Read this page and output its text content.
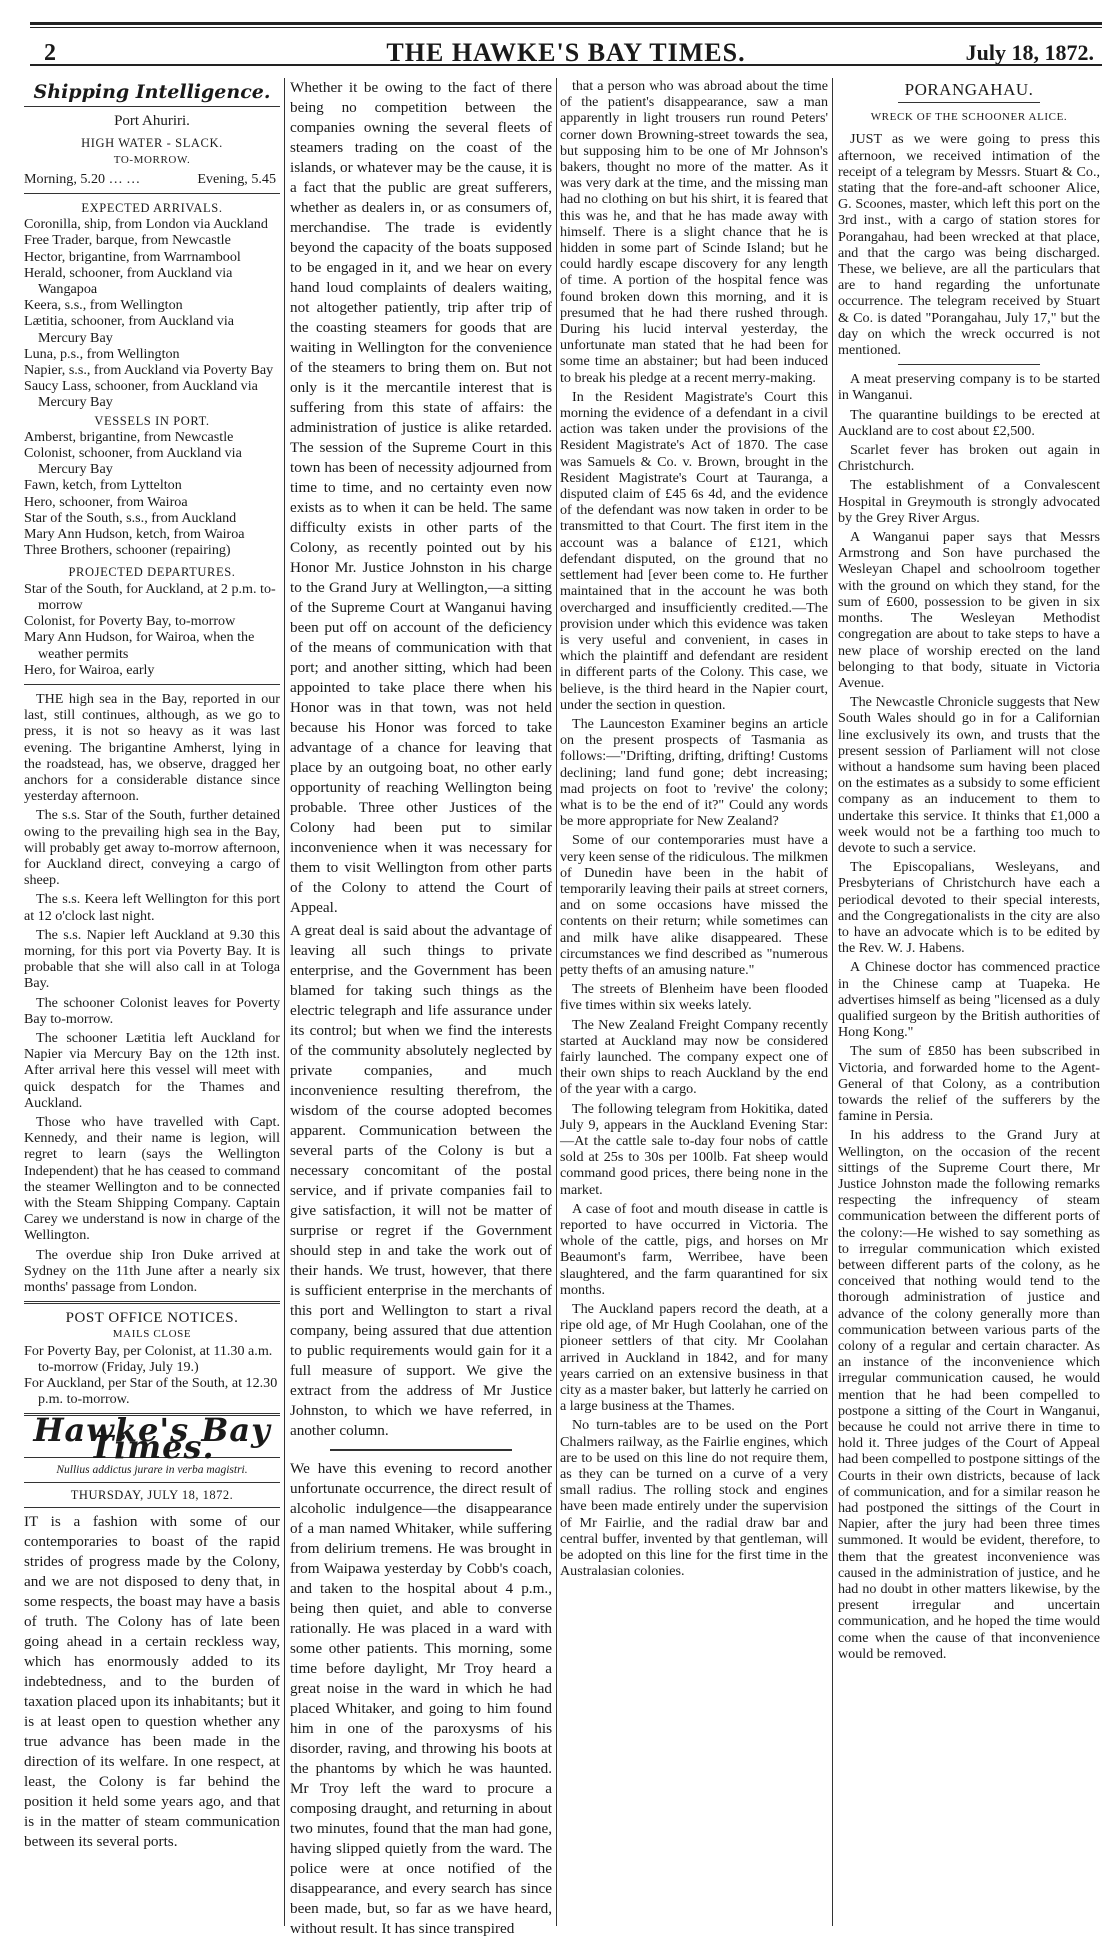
2	THE HAWKE'S BAY TIMES.	July 18, 1872.
Shipping Intelligence.
Port Ahuriri.
HIGH WATER - SLACK.
TO-MORROW.
Morning, 5.20 … …	Evening, 5.45
EXPECTED ARRIVALS.
Coronilla, ship, from London via Auckland
Free Trader, barque, from Newcastle
Hector, brigantine, from Warrnambool
Herald, schooner, from Auckland via Wangapoa
Keera, s.s., from Wellington
Lætitia, schooner, from Auckland via Mercury Bay
Luna, p.s., from Wellington
Napier, s.s., from Auckland via Poverty Bay
Saucy Lass, schooner, from Auckland via Mercury Bay
VESSELS IN PORT.
Amberst, brigantine, from Newcastle
Colonist, schooner, from Auckland via Mercury Bay
Fawn, ketch, from Lyttelton
Hero, schooner, from Wairoa
Star of the South, s.s., from Auckland
Mary Ann Hudson, ketch, from Wairoa
Three Brothers, schooner (repairing)
PROJECTED DEPARTURES.
Star of the South, for Auckland, at 2 p.m. to-morrow
Colonist, for Poverty Bay, to-morrow
Mary Ann Hudson, for Wairoa, when the weather permits
Hero, for Wairoa, early

THE high sea in the Bay, reported in our last, still continues, although, as we go to press, it is not so heavy as it was last evening. The brigantine Amherst, lying in the roadstead, has, we observe, dragged her anchors for a considerable distance since yesterday afternoon.

The s.s. Star of the South, further detained owing to the prevailing high sea in the Bay, will probably get away to-morrow afternoon, for Auckland direct, conveying a cargo of sheep.

The s.s. Keera left Wellington for this port at 12 o'clock last night.

The s.s. Napier left Auckland at 9.30 this morning, for this port via Poverty Bay. It is probable that she will also call in at Tologa Bay.

The schooner Colonist leaves for Poverty Bay to-morrow.

The schooner Lætitia left Auckland for Napier via Mercury Bay on the 12th inst. After arrival here this vessel will meet with quick despatch for the Thames and Auckland.

Those who have travelled with Capt. Kennedy, and their name is legion, will regret to learn (says the Wellington Independent) that he has ceased to command the steamer Wellington and to be connected with the Steam Shipping Company. Captain Carey we understand is now in charge of the Wellington.

The overdue ship Iron Duke arrived at Sydney on the 11th June after a nearly six months' passage from London.

POST OFFICE NOTICES.
MAILS CLOSE
For Poverty Bay, per Colonist, at 11.30 a.m. to-morrow (Friday, July 19.)
For Auckland, per Star of the South, at 12.30 p.m. to-morrow.
Hawke's Bay Times.
Nullius addictus jurare in verba magistri.
THURSDAY, JULY 18, 1872.

IT is a fashion with some of our contemporaries to boast of the rapid strides of progress made by the Colony, and we are not disposed to deny that, in some respects, the boast may have a basis of truth. The Colony has of late been going ahead in a certain reckless way, which has enormously added to its indebtedness, and to the burden of taxation placed upon its inhabitants; but it is at least open to question whether any true advance has been made in the direction of its welfare. In one respect, at least, the Colony is far behind the position it held some years ago, and that is in the matter of steam communication between its several ports.

Whether it be owing to the fact of there being no competition between the companies owning the several fleets of steamers trading on the coast of the islands, or whatever may be the cause, it is a fact that the public are great sufferers, whether as dealers in, or as consumers of, merchandise. The trade is evidently beyond the capacity of the boats supposed to be engaged in it, and we hear on every hand loud complaints of dealers waiting, not altogether patiently, trip after trip of the coasting steamers for goods that are waiting in Wellington for the convenience of the steamers to bring them on. But not only is it the mercantile interest that is suffering from this state of affairs: the administration of justice is alike retarded. The session of the Supreme Court in this town has been of necessity adjourned from time to time, and no certainty even now exists as to when it can be held. The same difficulty exists in other parts of the Colony, as recently pointed out by his Honor Mr. Justice Johnston in his charge to the Grand Jury at Wellington,—a sitting of the Supreme Court at Wanganui having been put off on account of the deficiency of the means of communication with that port; and another sitting, which had been appointed to take place there when his Honor was in that town, was not held because his Honor was forced to take advantage of a chance for leaving that place by an outgoing boat, no other early opportunity of reaching Wellington being probable. Three other Justices of the Colony had been put to similar inconvenience when it was necessary for them to visit Wellington from other parts of the Colony to attend the Court of Appeal.

A great deal is said about the advantage of leaving all such things to private enterprise, and the Government has been blamed for taking such things as the electric telegraph and life assurance under its control; but when we find the interests of the community absolutely neglected by private companies, and much inconvenience resulting therefrom, the wisdom of the course adopted becomes apparent. Communication between the several parts of the Colony is but a necessary concomitant of the postal service, and if private companies fail to give satisfaction, it will not be matter of surprise or regret if the Government should step in and take the work out of their hands. We trust, however, that there is sufficient enterprise in the merchants of this port and Wellington to start a rival company, being assured that due attention to public requirements would gain for it a full measure of support. We give the extract from the address of Mr Justice Johnston, to which we have referred, in another column.

We have this evening to record another unfortunate occurrence, the direct result of alcoholic indulgence—the disappearance of a man named Whitaker, while suffering from delirium tremens. He was brought in from Waipawa yesterday by Cobb's coach, and taken to the hospital about 4 p.m., being then quiet, and able to converse rationally. He was placed in a ward with some other patients. This morning, some time before daylight, Mr Troy heard a great noise in the ward in which he had placed Whitaker, and going to him found him in one of the paroxysms of his disorder, raving, and throwing his boots at the phantoms by which he was haunted. Mr Troy left the ward to procure a composing draught, and returning in about two minutes, found that the man had gone, having slipped quietly from the ward. The police were at once notified of the disappearance, and every search has since been made, but, so far as we have heard, without result. It has since transpired

that a person who was abroad about the time of the patient's disappearance, saw a man apparently in light trousers run round Peters' corner down Browning-street towards the sea, but supposing him to be one of Mr Johnson's bakers, thought no more of the matter. As it was very dark at the time, and the missing man had no clothing on but his shirt, it is feared that this was he, and that he has made away with himself. There is a slight chance that he is hidden in some part of Scinde Island; but he could hardly escape discovery for any length of time. A portion of the hospital fence was found broken down this morning, and it is presumed that he had there rushed through. During his lucid interval yesterday, the unfortunate man stated that he had been for some time an abstainer; but had been induced to break his pledge at a recent merry-making.

In the Resident Magistrate's Court this morning the evidence of a defendant in a civil action was taken under the provisions of the Resident Magistrate's Act of 1870. The case was Samuels & Co. v. Brown, brought in the Resident Magistrate's Court at Tauranga, a disputed claim of £45 6s 4d, and the evidence of the defendant was now taken in order to be transmitted to that Court. The first item in the account was a balance of £121, which defendant disputed, on the ground that no settlement had [ever been come to. He further maintained that in the account he was both overcharged and insufficiently credited.—The provision under which this evidence was taken is very useful and convenient, in cases in which the plaintiff and defendant are resident in different parts of the Colony. This case, we believe, is the third heard in the Napier court, under the section in question.

The Launceston Examiner begins an article on the present prospects of Tasmania as follows:—"Drifting, drifting, drifting! Customs declining; land fund gone; debt increasing; mad projects on foot to 'revive' the colony; what is to be the end of it?" Could any words be more appropriate for New Zealand?

Some of our contemporaries must have a very keen sense of the ridiculous. The milkmen of Dunedin have been in the habit of temporarily leaving their pails at street corners, and on some occasions have missed the contents on their return; while sometimes can and milk have alike disappeared. These circumstances we find described as "numerous petty thefts of an amusing nature."

The streets of Blenheim have been flooded five times within six weeks lately.

The New Zealand Freight Company recently started at Auckland may now be considered fairly launched. The company expect one of their own ships to reach Auckland by the end of the year with a cargo.

The following telegram from Hokitika, dated July 9, appears in the Auckland Evening Star:—At the cattle sale to-day four nobs of cattle sold at 25s to 30s per 100lb. Fat sheep would command good prices, there being none in the market.

A case of foot and mouth disease in cattle is reported to have occurred in Victoria. The whole of the cattle, pigs, and horses on Mr Beaumont's farm, Werribee, have been slaughtered, and the farm quarantined for six months.

The Auckland papers record the death, at a ripe old age, of Mr Hugh Coolahan, one of the pioneer settlers of that city. Mr Coolahan arrived in Auckland in 1842, and for many years carried on an extensive business in that city as a master baker, but latterly he carried on a large business at the Thames.

No turn-tables are to be used on the Port Chalmers railway, as the Fairlie engines, which are to be used on this line do not require them, as they can be turned on a curve of a very small radius. The rolling stock and engines have been made entirely under the supervision of Mr Fairlie, and the radial draw bar and central buffer, invented by that gentleman, will be adopted on this line for the first time in the Australasian colonies.

PORANGAHAU.
WRECK OF THE SCHOONER ALICE.

JUST as we were going to press this afternoon, we received intimation of the receipt of a telegram by Messrs. Stuart & Co., stating that the fore-and-aft schooner Alice, G. Scoones, master, which left this port on the 3rd inst., with a cargo of station stores for Porangahau, had been wrecked at that place, and that the cargo was being discharged. These, we believe, are all the particulars that are to hand regarding the unfortunate occurrence. The telegram received by Stuart & Co. is dated "Porangahau, July 17," but the day on which the wreck occurred is not mentioned.

A meat preserving company is to be started in Wanganui.

The quarantine buildings to be erected at Auckland are to cost about £2,500.

Scarlet fever has broken out again in Christchurch.

The establishment of a Convalescent Hospital in Greymouth is strongly advocated by the Grey River Argus.

A Wanganui paper says that Messrs Armstrong and Son have purchased the Wesleyan Chapel and schoolroom together with the ground on which they stand, for the sum of £600, possession to be given in six months. The Wesleyan Methodist congregation are about to take steps to have a new place of worship erected on the land belonging to that body, situate in Victoria Avenue.

The Newcastle Chronicle suggests that New South Wales should go in for a Californian line exclusively its own, and trusts that the present session of Parliament will not close without a handsome sum having been placed on the estimates as a subsidy to some efficient company as an inducement to them to undertake this service. It thinks that £1,000 a week would not be a farthing too much to devote to such a service.

The Episcopalians, Wesleyans, and Presbyterians of Christchurch have each a periodical devoted to their special interests, and the Congregationalists in the city are also to have an advocate which is to be edited by the Rev. W. J. Habens.

A Chinese doctor has commenced practice in the Chinese camp at Tuapeka. He advertises himself as being "licensed as a duly qualified surgeon by the British authorities of Hong Kong."

The sum of £850 has been subscribed in Victoria, and forwarded home to the Agent-General of that Colony, as a contribution towards the relief of the sufferers by the famine in Persia.

In his address to the Grand Jury at Wellington, on the occasion of the recent sittings of the Supreme Court there, Mr Justice Johnston made the following remarks respecting the infrequency of steam communication between the different ports of the colony:—He wished to say something as to irregular communication which existed between different parts of the colony, as he conceived that nothing would tend to the thorough administration of justice and advance of the colony generally more than communication between various parts of the colony of a regular and certain character. As an instance of the inconvenience which irregular communication caused, he would mention that he had been compelled to postpone a sitting of the Court in Wanganui, because he could not arrive there in time to hold it. Three judges of the Court of Appeal had been compelled to postpone sittings of the Courts in their own districts, because of lack of communication, and for a similar reason he had postponed the sittings of the Court in Napier, after the jury had been three times summoned. It would be evident, therefore, to them that the greatest inconvenience was caused in the administration of justice, and he had no doubt in other matters likewise, by the present irregular and uncertain communication, and he hoped the time would come when the cause of that inconvenience would be removed.
